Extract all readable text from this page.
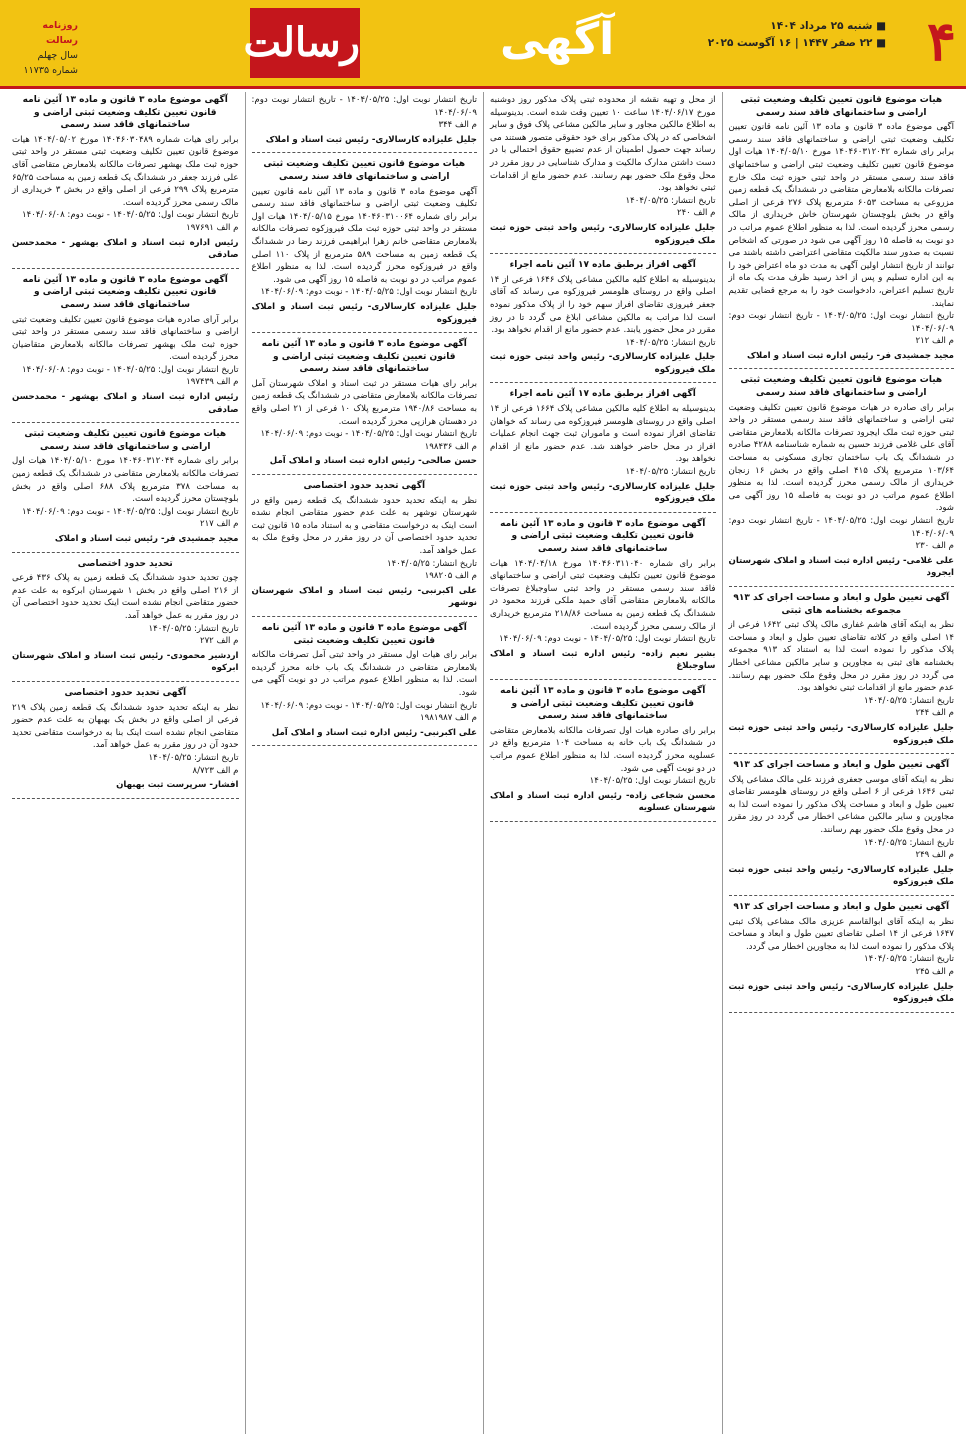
۴
■ شنبه ۲۵ مرداد ۱۴۰۴
■ ۲۲ صفر ۱۴۴۷ | ۱۶ آگوست ۲۰۲۵
آگهی
رسالت
روزنامه رسالت
سال چهلم
شماره ۱۱۷۳۵
هیات موضوع قانون تعیین تکلیف وضعیت ثبتی اراضی و ساختمانهای فاقد سند رسمی
آگهی موضوع ماده ۳ قانون و ماده ۱۳ آئین نامه قانون تعیین تکلیف وضعیت ثبتی اراضی و ساختمانهای فاقد سند رسمی برابر رای شماره ۱۴۰۴۶۰۳۱۲۰۴۲ مورخ ۱۴۰۴/۰۵/۱۰ هیات اول موضوع قانون تعیین تکلیف وضعیت ثبتی اراضی و ساختمانهای فاقد سند رسمی مستقر در واحد ثبتی حوزه ثبت ملک خارج تصرفات مالکانه بلامعارض متقاضی در ششدانگ یک قطعه زمین مزروعی به مساحت ۶۰۵۳ مترمربع پلاک ۲۷۶ فرعی از اصلی واقع در بخش بلوچستان شهرستان خاش خریداری از مالک رسمی محرز گردیده است. لذا به منظور اطلاع عموم مراتب در دو نوبت به فاصله ۱۵ روز آگهی می شود در صورتی که اشخاص نسبت به صدور سند مالکیت متقاضی اعتراضی داشته باشند می توانند از تاریخ انتشار اولین آگهی به مدت دو ماه اعتراض خود را به این اداره تسلیم و پس از اخذ رسید ظرف مدت یک ماه از تاریخ تسلیم اعتراض، دادخواست خود را به مرجع قضایی تقدیم نمایند.
تاریخ انتشار نوبت اول: ۱۴۰۴/۰۵/۲۵ - تاریخ انتشار نوبت دوم: ۱۴۰۴/۰۶/۰۹
م الف ۲۱۲
مجید جمشیدی فر- رئیس اداره ثبت اسناد و املاک
هیات موضوع قانون تعیین تکلیف وضعیت ثبتی اراضی و ساختمانهای فاقد سند رسمی
برابر رای صادره در هیات موضوع قانون تعیین تکلیف وضعیت ثبتی اراضی و ساختمانهای فاقد سند رسمی مستقر در واحد ثبتی حوزه ثبت ملک ایجرود تصرفات مالکانه بلامعارض متقاضی آقای علی غلامی فرزند حسین به شماره شناسنامه ۴۲۸۸ صادره در ششدانگ یک باب ساختمان تجاری مسکونی به مساحت ۱۰۳/۶۴ مترمربع پلاک ۴۱۵ اصلی واقع در بخش ۱۶ زنجان خریداری از مالک رسمی محرز گردیده است. لذا به منظور اطلاع عموم مراتب در دو نوبت به فاصله ۱۵ روز آگهی می شود.
تاریخ انتشار نوبت اول: ۱۴۰۴/۰۵/۲۵ - تاریخ انتشار نوبت دوم: ۱۴۰۴/۰۶/۰۹
م الف ۲۳۰
علی غلامی- رئیس اداره ثبت اسناد و املاک شهرستان ایجرود
آگهی تعیین طول و ابعاد و مساحت اجرای کد ۹۱۳ مجموعه بخشنامه های ثبتی
نظر به اینکه آقای هاشم غفاری مالک پلاک ثبتی ۱۶۴۲ فرعی از ۱۴ اصلی واقع در کلاته تقاضای تعیین طول و ابعاد و مساحت پلاک مذکور را نموده است لذا به استناد کد ۹۱۳ مجموعه بخشنامه های ثبتی به مجاورین و سایر مالکین مشاعی اخطار می گردد در روز مقرر در محل وقوع ملک حضور بهم رسانند. عدم حضور مانع از اقدامات ثبتی نخواهد بود.
تاریخ انتشار: ۱۴۰۴/۰۵/۲۵
م الف ۲۴۴
جلیل علیزاده کارسالاری- رئیس واحد ثبتی حوزه ثبت ملک فیروزکوه
آگهی تعیین طول و ابعاد و مساحت اجرای کد ۹۱۳
نظر به اینکه آقای موسی جعفری فرزند علی مالک مشاعی پلاک ثبتی ۱۶۴۶ فرعی از ۶ اصلی واقع در روستای هلومسر تقاضای تعیین طول و ابعاد و مساحت پلاک مذکور را نموده است لذا به مجاورین و سایر مالکین مشاعی اخطار می گردد در روز مقرر در محل وقوع ملک حضور بهم رسانند.
تاریخ انتشار: ۱۴۰۴/۰۵/۲۵
م الف ۲۴۹
جلیل علیزاده کارسالاری- رئیس واحد ثبتی حوزه ثبت ملک فیروزکوه
آگهی تعیین طول و ابعاد و مساحت اجرای کد ۹۱۳
نظر به اینکه آقای ابوالقاسم عزیزی مالک مشاعی پلاک ثبتی ۱۶۴۷ فرعی از ۱۴ اصلی تقاضای تعیین طول و ابعاد و مساحت پلاک مذکور را نموده است لذا به مجاورین اخطار می گردد.
تاریخ انتشار: ۱۴۰۴/۰۵/۲۵
م الف ۲۴۵
جلیل علیزاده کارسالاری- رئیس واحد ثبتی حوزه ثبت ملک فیروزکوه
از محل و تهیه نقشه از محدوده ثبتی پلاک مذکور روز دوشنبه مورخ ۱۴۰۴/۰۶/۱۷ ساعت ۱۰ تعیین وقت شده است. بدینوسیله به اطلاع مالکین مجاور و سایر مالکین مشاعی پلاک فوق و سایر اشخاصی که در پلاک مذکور برای خود حقوقی متصور هستند می رساند جهت حصول اطمینان از عدم تضییع حقوق احتمالی با در دست داشتن مدارک مالکیت و مدارک شناسایی در روز مقرر در محل وقوع ملک حضور بهم رسانند. عدم حضور مانع از اقدامات ثبتی نخواهد بود.
تاریخ انتشار: ۱۴۰۴/۰۵/۲۵
م الف ۲۴۰
جلیل علیزاده کارسالاری- رئیس واحد ثبتی حوزه ثبت ملک فیروزکوه
آگهی افراز برطبق ماده ۱۷ آئین نامه اجراء
بدینوسیله به اطلاع کلیه مالکین مشاعی پلاک ۱۶۴۶ فرعی از ۱۴ اصلی واقع در روستای هلومسر فیروزکوه می رساند که آقای جعفر فیروزی تقاضای افراز سهم خود را از پلاک مذکور نموده است لذا مراتب به مالکین مشاعی ابلاغ می گردد تا در روز مقرر در محل حضور یابند. عدم حضور مانع از اقدام نخواهد بود.
تاریخ انتشار: ۱۴۰۴/۰۵/۲۵
جلیل علیزاده کارسالاری- رئیس واحد ثبتی حوزه ثبت ملک فیروزکوه
آگهی افراز برطبق ماده ۱۷ آئین نامه اجراء
بدینوسیله به اطلاع کلیه مالکین مشاعی پلاک ۱۶۶۴ فرعی از ۱۴ اصلی واقع در روستای هلومسر فیروزکوه می رساند که خواهان تقاضای افراز نموده است و ماموران ثبت جهت انجام عملیات افراز در محل حاضر خواهند شد. عدم حضور مانع از اقدام نخواهد بود.
تاریخ انتشار: ۱۴۰۴/۰۵/۲۵
جلیل علیزاده کارسالاری- رئیس واحد ثبتی حوزه ثبت ملک فیروزکوه
آگهی موضوع ماده ۳ قانون و ماده ۱۳ آئین نامه قانون تعیین تکلیف وضعیت ثبتی اراضی و ساختمانهای فاقد سند رسمی
برابر رای شماره ۱۴۰۴۶۰۳۱۱۰۴۰ مورخ ۱۴۰۴/۰۴/۱۸ هیات موضوع قانون تعیین تکلیف وضعیت ثبتی اراضی و ساختمانهای فاقد سند رسمی مستقر در واحد ثبتی ساوجبلاغ تصرفات مالکانه بلامعارض متقاضی آقای حمید ملکی فرزند محمود در ششدانگ یک قطعه زمین به مساحت ۲۱۸/۸۶ مترمربع خریداری از مالک رسمی محرز گردیده است.
تاریخ انتشار نوبت اول: ۱۴۰۴/۰۵/۲۵ - نوبت دوم: ۱۴۰۴/۰۶/۰۹
بشیر نعیم زاده- رئیس اداره ثبت اسناد و املاک ساوجبلاغ
آگهی موضوع ماده ۳ قانون و ماده ۱۳ آئین نامه قانون تعیین تکلیف وضعیت ثبتی اراضی و ساختمانهای فاقد سند رسمی
برابر رای صادره هیات اول تصرفات مالکانه بلامعارض متقاضی در ششدانگ یک باب خانه به مساحت ۱۰۴ مترمربع واقع در عسلویه محرز گردیده است. لذا به منظور اطلاع عموم مراتب در دو نوبت آگهی می شود.
تاریخ انتشار نوبت اول: ۱۴۰۴/۰۵/۲۵
محسن شجاعی زاده- رئیس اداره ثبت اسناد و املاک شهرستان عسلویه
تاریخ انتشار نوبت اول: ۱۴۰۴/۰۵/۲۵ - تاریخ انتشار نوبت دوم: ۱۴۰۴/۰۶/۰۹
م الف ۳۴۴
جلیل علیزاده کارسالاری- رئیس ثبت اسناد و املاک
هیات موضوع قانون تعیین تکلیف وضعیت ثبتی اراضی و ساختمانهای فاقد سند رسمی
آگهی موضوع ماده ۳ قانون و ماده ۱۳ آئین نامه قانون تعیین تکلیف وضعیت ثبتی اراضی و ساختمانهای فاقد سند رسمی برابر رای شماره ۱۴۰۴۶۰۳۱۰۰۶۴ مورخ ۱۴۰۴/۰۵/۱۵ هیات اول مستقر در واحد ثبتی حوزه ثبت ملک فیروزکوه تصرفات مالکانه بلامعارض متقاضی خانم زهرا ابراهیمی فرزند رضا در ششدانگ یک قطعه زمین به مساحت ۵۸۹ مترمربع از پلاک ۱۱۰ اصلی واقع در فیروزکوه محرز گردیده است. لذا به منظور اطلاع عموم مراتب در دو نوبت به فاصله ۱۵ روز آگهی می شود.
تاریخ انتشار نوبت اول: ۱۴۰۴/۰۵/۲۵ - نوبت دوم: ۱۴۰۴/۰۶/۰۹
جلیل علیزاده کارسالاری- رئیس ثبت اسناد و املاک فیروزکوه
آگهی موضوع ماده ۳ قانون و ماده ۱۳ آئین نامه قانون تعیین تکلیف وضعیت ثبتی اراضی و ساختمانهای فاقد سند رسمی
برابر رای هیات مستقر در ثبت اسناد و املاک شهرستان آمل تصرفات مالکانه بلامعارض متقاضی در ششدانگ یک قطعه زمین به مساحت ۱۹۴۰/۸۶ مترمربع پلاک ۱۰ فرعی از ۲۱ اصلی واقع در دهستان هرازپی محرز گردیده است.
تاریخ انتشار نوبت اول: ۱۴۰۴/۰۵/۲۵ - نوبت دوم: ۱۴۰۴/۰۶/۰۹
م الف ۱۹۸۴۳۶
حسن صالحی- رئیس اداره ثبت اسناد و املاک آمل
آگهی تحدید حدود اختصاصی
نظر به اینکه تحدید حدود ششدانگ یک قطعه زمین واقع در شهرستان نوشهر به علت عدم حضور متقاضی انجام نشده است اینک به درخواست متقاضی و به استناد ماده ۱۵ قانون ثبت تحدید حدود اختصاصی آن در روز مقرر در محل وقوع ملک به عمل خواهد آمد.
تاریخ انتشار: ۱۴۰۴/۰۵/۲۵
م الف ۱۹۸۲۰۵
علی اکبرنبی- رئیس ثبت اسناد و املاک شهرستان نوشهر
آگهی موضوع ماده ۳ قانون و ماده ۱۳ آئین نامه قانون تعیین تکلیف وضعیت ثبتی
برابر رای هیات اول مستقر در واحد ثبتی آمل تصرفات مالکانه بلامعارض متقاضی در ششدانگ یک باب خانه محرز گردیده است. لذا به منظور اطلاع عموم مراتب در دو نوبت آگهی می شود.
تاریخ انتشار نوبت اول: ۱۴۰۴/۰۵/۲۵ - نوبت دوم: ۱۴۰۴/۰۶/۰۹
م الف ۱۹۸۱۹۸۷
علی اکبرنبی- رئیس اداره ثبت اسناد و املاک آمل
آگهی موضوع ماده ۳ قانون و ماده ۱۳ آئین نامه قانون تعیین تکلیف وضعیت ثبتی اراضی و ساختمانهای فاقد سند رسمی
برابر رای هیات شماره ۱۴۰۴۶۰۳۰۴۸۹ مورخ ۱۴۰۴/۰۵/۰۲ هیات موضوع قانون تعیین تکلیف وضعیت ثبتی مستقر در واحد ثبتی حوزه ثبت ملک بهشهر تصرفات مالکانه بلامعارض متقاضی آقای علی فرزند جعفر در ششدانگ یک قطعه زمین به مساحت ۶۵/۲۵ مترمربع پلاک ۲۹۹ فرعی از اصلی واقع در بخش ۳ خریداری از مالک رسمی محرز گردیده است.
تاریخ انتشار نوبت اول: ۱۴۰۴/۰۵/۲۵ - نوبت دوم: ۱۴۰۴/۰۶/۰۸
م الف ۱۹۷۶۹۱
رئیس اداره ثبت اسناد و املاک بهشهر - محمدحسن صادقی
آگهی موضوع ماده ۳ قانون و ماده ۱۳ آئین نامه قانون تعیین تکلیف وضعیت ثبتی اراضی و ساختمانهای فاقد سند رسمی
برابر آرای صادره هیات موضوع قانون تعیین تکلیف وضعیت ثبتی اراضی و ساختمانهای فاقد سند رسمی مستقر در واحد ثبتی حوزه ثبت ملک بهشهر تصرفات مالکانه بلامعارض متقاضیان محرز گردیده است.
تاریخ انتشار نوبت اول: ۱۴۰۴/۰۵/۲۵ - نوبت دوم: ۱۴۰۴/۰۶/۰۸
م الف ۱۹۷۴۳۹
رئیس اداره ثبت اسناد و املاک بهشهر - محمدحسن صادقی
هیات موضوع قانون تعیین تکلیف وضعیت ثبتی اراضی و ساختمانهای فاقد سند رسمی
برابر رای شماره ۱۴۰۴۶۰۳۱۲۰۴۴ مورخ ۱۴۰۴/۰۵/۱۰ هیات اول تصرفات مالکانه بلامعارض متقاضی در ششدانگ یک قطعه زمین به مساحت ۳۷۸ مترمربع پلاک ۶۸۸ اصلی واقع در بخش بلوچستان محرز گردیده است.
تاریخ انتشار نوبت اول: ۱۴۰۴/۰۵/۲۵ - نوبت دوم: ۱۴۰۴/۰۶/۰۹
م الف ۲۱۷
مجید جمشیدی فر- رئیس ثبت اسناد و املاک
تحدید حدود اختصاصی
چون تحدید حدود ششدانگ یک قطعه زمین به پلاک ۴۳۶ فرعی از ۲۱۶ اصلی واقع در بخش ۱ شهرستان ابرکوه به علت عدم حضور متقاضی انجام نشده است اینک تحدید حدود اختصاصی آن در روز مقرر به عمل خواهد آمد.
تاریخ انتشار: ۱۴۰۴/۰۵/۲۵
م الف ۲۷۲
اردشیر محمودی- رئیس ثبت اسناد و املاک شهرستان ابرکوه
آگهی تحدید حدود اختصاصی
نظر به اینکه تحدید حدود ششدانگ یک قطعه زمین پلاک ۲۱۹ فرعی از اصلی واقع در بخش یک بهبهان به علت عدم حضور متقاضی انجام نشده است اینک بنا به درخواست متقاضی تحدید حدود آن در روز مقرر به عمل خواهد آمد.
تاریخ انتشار: ۱۴۰۴/۰۵/۲۵
م الف ۸/۷۲۳
افشار- سرپرست ثبت بهبهان
